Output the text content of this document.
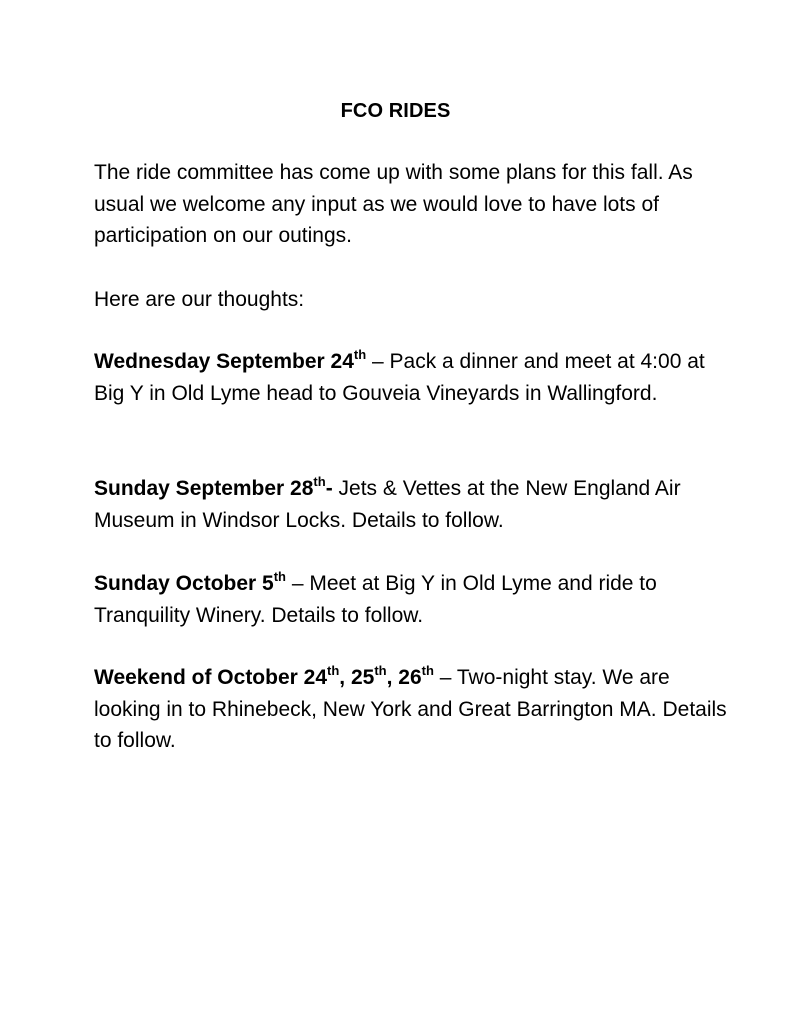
FCO RIDES

The ride committee has come up with some plans for this fall. As usual we welcome any input as we would love to have lots of participation on our outings.

Here are our thoughts:

Wednesday September 24th – Pack a dinner and meet at 4:00 at Big Y in Old Lyme head to Gouveia Vineyards in Wallingford.

Sunday September 28th- Jets & Vettes at the New England Air Museum in Windsor Locks. Details to follow.

Sunday October 5th – Meet at Big Y in Old Lyme and ride to Tranquility Winery. Details to follow.

Weekend of October 24th, 25th, 26th – Two-night stay. We are looking in to Rhinebeck, New York and Great Barrington MA. Details to follow.
